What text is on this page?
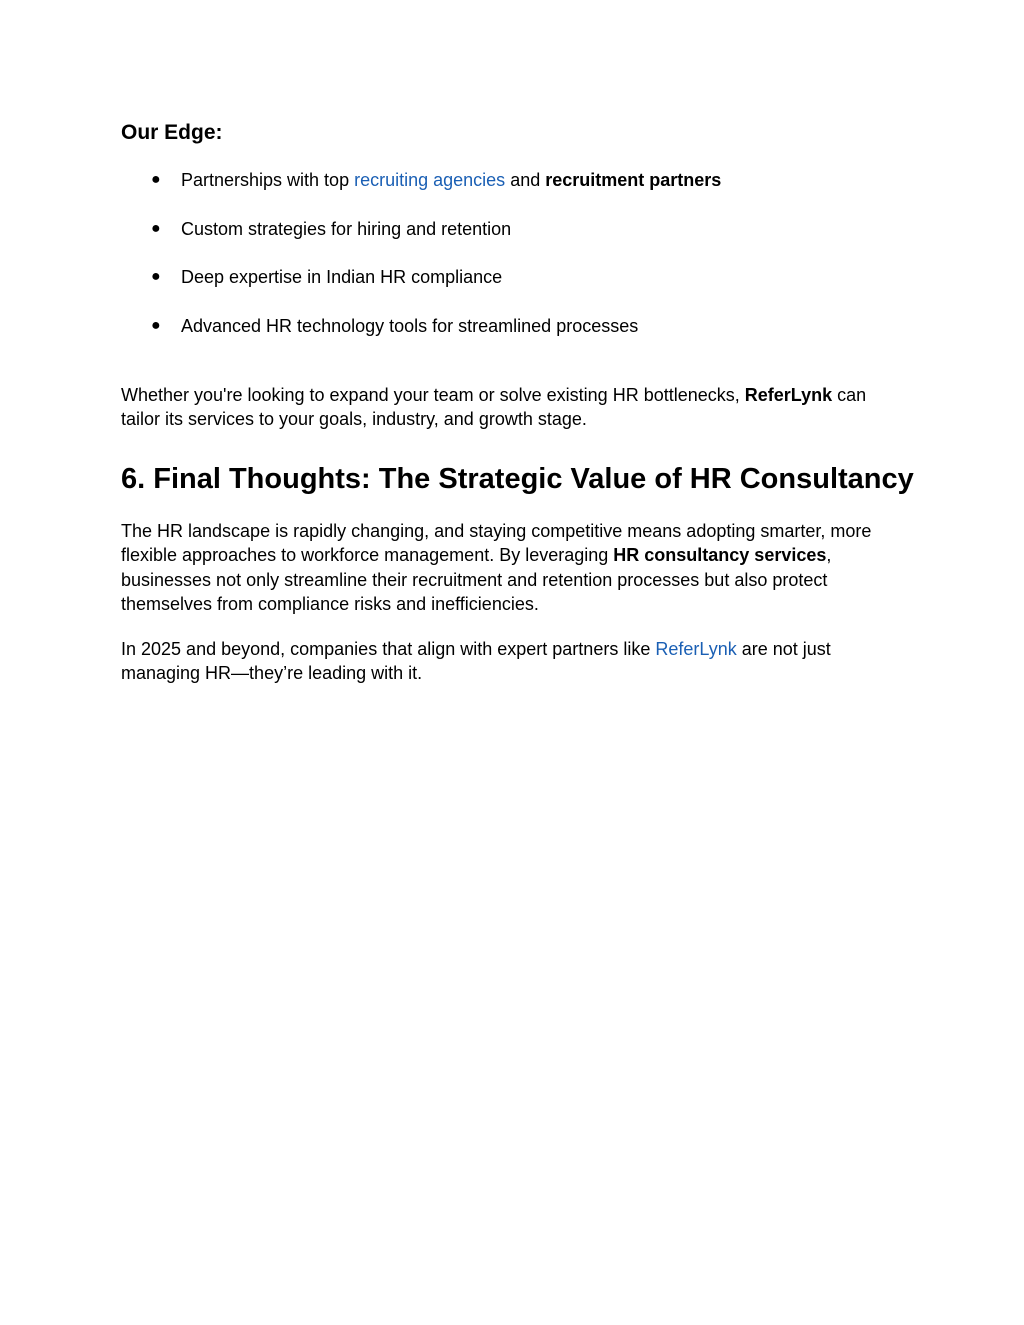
Our Edge:
● Partnerships with top recruiting agencies and recruitment partners
● Custom strategies for hiring and retention
● Deep expertise in Indian HR compliance
● Advanced HR technology tools for streamlined processes

Whether you're looking to expand your team or solve existing HR bottlenecks, ReferLynk can
tailor its services to your goals, industry, and growth stage.

6. Final Thoughts: The Strategic Value of HR Consultancy

The HR landscape is rapidly changing, and staying competitive means adopting smarter, more
flexible approaches to workforce management. By leveraging HR consultancy services,
businesses not only streamline their recruitment and retention processes but also protect
themselves from compliance risks and inefficiencies.

In 2025 and beyond, companies that align with expert partners like ReferLynk are not just
managing HR—they’re leading with it.
